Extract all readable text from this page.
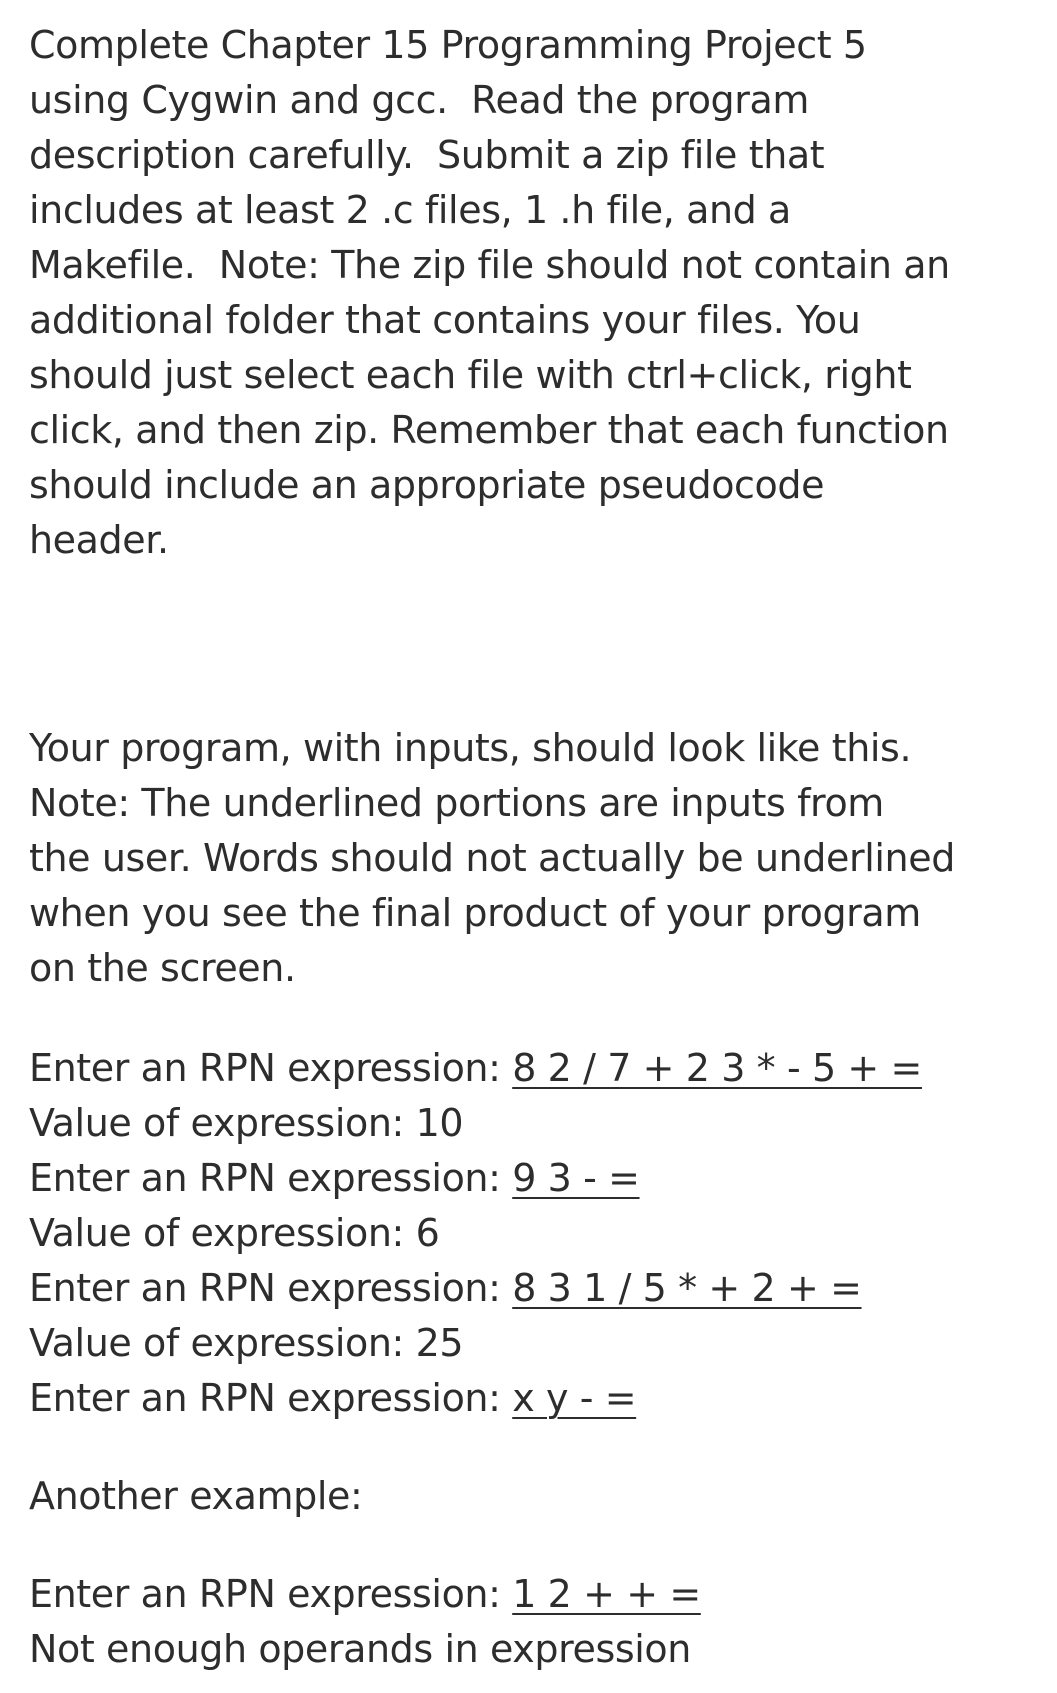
Complete Chapter 15 Programming Project 5
using Cygwin and gcc.  Read the program
description carefully.  Submit a zip file that
includes at least 2 .c files, 1 .h file, and a
Makefile.  Note: The zip file should not contain an
additional folder that contains your files. You
should just select each file with ctrl+click, right
click, and then zip. Remember that each function
should include an appropriate pseudocode
header.
Your program, with inputs, should look like this.
Note: The underlined portions are inputs from
the user. Words should not actually be underlined
when you see the final product of your program
on the screen.
Enter an RPN expression: 8 2 / 7 + 2 3 * - 5 + =
Value of expression: 10
Enter an RPN expression: 9 3 - =
Value of expression: 6
Enter an RPN expression: 8 3 1 / 5 * + 2 + =
Value of expression: 25
Enter an RPN expression: x y - =
Another example:
Enter an RPN expression: 1 2 + + =
Not enough operands in expression
